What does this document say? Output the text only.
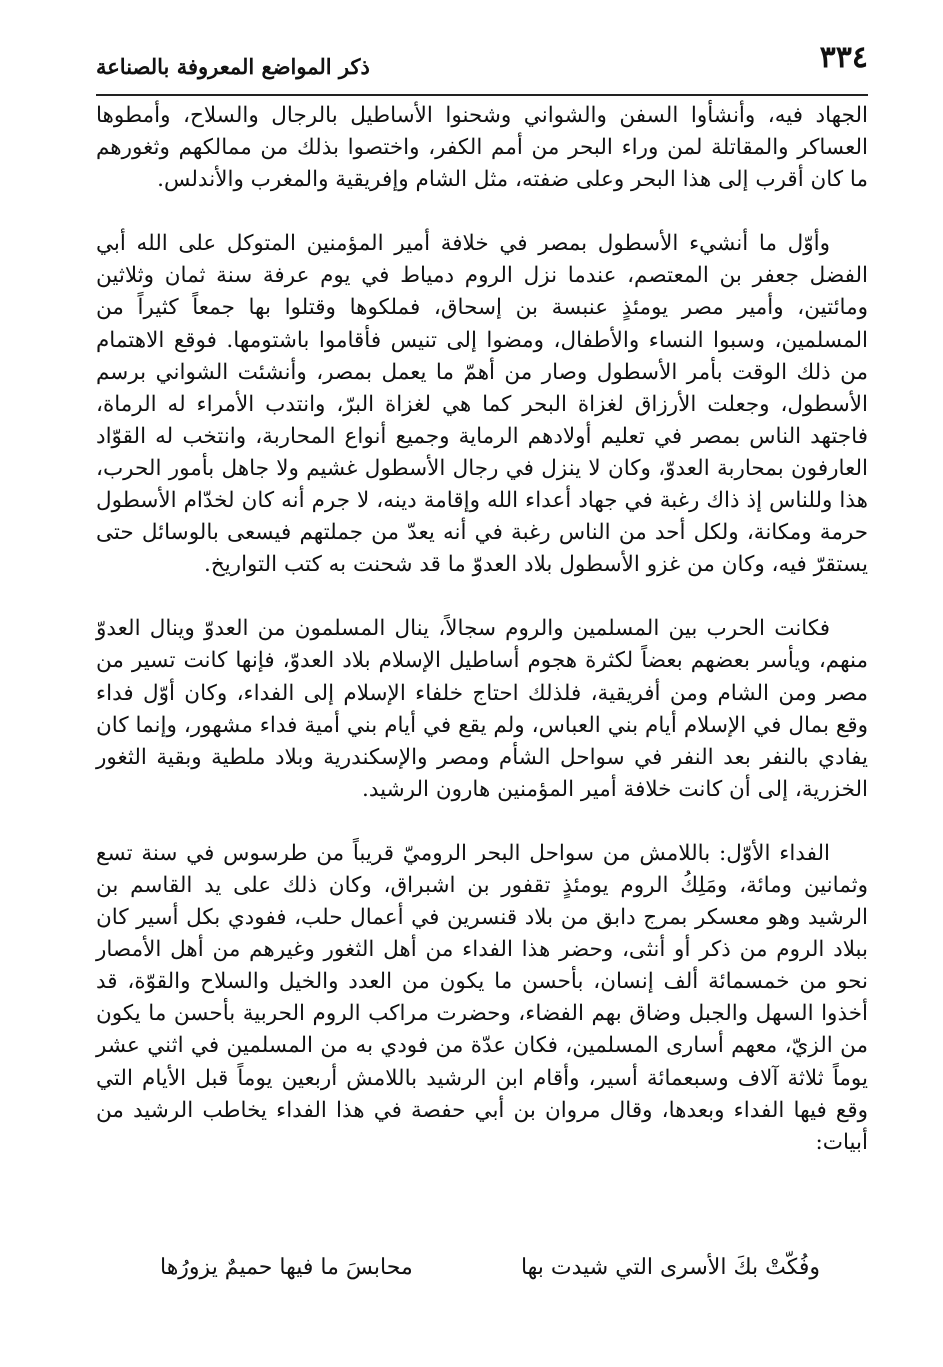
٣٣٤
ذكر المواضع المعروفة بالصناعة

الجهاد فيه، وأنشأوا السفن والشواني وشحنوا الأساطيل بالرجال والسلاح، وأمطوها العساكر والمقاتلة لمن وراء البحر من أمم الكفر، واختصوا بذلك من ممالكهم وثغورهم ما كان أقرب إلى هذا البحر وعلى ضفته، مثل الشام وإفريقية والمغرب والأندلس.

وأوّل ما أنشيء الأسطول بمصر في خلافة أمير المؤمنين المتوكل على الله أبي الفضل جعفر بن المعتصم، عندما نزل الروم دمياط في يوم عرفة سنة ثمان وثلاثين ومائتين، وأمير مصر يومئذٍ عنبسة بن إسحاق، فملكوها وقتلوا بها جمعاً كثيراً من المسلمين، وسبوا النساء والأطفال، ومضوا إلى تنيس فأقاموا باشتومها. فوقع الاهتمام من ذلك الوقت بأمر الأسطول وصار من أهمّ ما يعمل بمصر، وأنشئت الشواني برسم الأسطول، وجعلت الأرزاق لغزاة البحر كما هي لغزاة البرّ، وانتدب الأمراء له الرماة، فاجتهد الناس بمصر في تعليم أولادهم الرماية وجميع أنواع المحاربة، وانتخب له القوّاد العارفون بمحاربة العدوّ، وكان لا ينزل في رجال الأسطول غشيم ولا جاهل بأمور الحرب، هذا وللناس إذ ذاك رغبة في جهاد أعداء الله وإقامة دينه، لا جرم أنه كان لخدّام الأسطول حرمة ومكانة، ولكل أحد من الناس رغبة في أنه يعدّ من جملتهم فيسعى بالوسائل حتى يستقرّ فيه، وكان من غزو الأسطول بلاد العدوّ ما قد شحنت به كتب التواريخ.

فكانت الحرب بين المسلمين والروم سجالاً، ينال المسلمون من العدوّ وينال العدوّ منهم، ويأسر بعضهم بعضاً لكثرة هجوم أساطيل الإسلام بلاد العدوّ، فإنها كانت تسير من مصر ومن الشام ومن أفريقية، فلذلك احتاج خلفاء الإسلام إلى الفداء، وكان أوّل فداء وقع بمال في الإسلام أيام بني العباس، ولم يقع في أيام بني أمية فداء مشهور، وإنما كان يفادي بالنفر بعد النفر في سواحل الشأم ومصر والإسكندرية وبلاد ملطية وبقية الثغور الخزرية، إلى أن كانت خلافة أمير المؤمنين هارون الرشيد.

الفداء الأوّل: باللامش من سواحل البحر الروميّ قريباً من طرسوس في سنة تسع وثمانين ومائة، ومَلِكُ الروم يومئذٍ تقفور بن اشبراق، وكان ذلك على يد القاسم بن الرشيد وهو معسكر بمرج دابق من بلاد قنسرين في أعمال حلب، ففودي بكل أسير كان ببلاد الروم من ذكر أو أنثى، وحضر هذا الفداء من أهل الثغور وغيرهم من أهل الأمصار نحو من خمسمائة ألف إنسان، بأحسن ما يكون من العدد والخيل والسلاح والقوّة، قد أخذوا السهل والجبل وضاق بهم الفضاء، وحضرت مراكب الروم الحربية بأحسن ما يكون من الزيّ، معهم أسارى المسلمين، فكان عدّة من فودي به من المسلمين في اثني عشر يوماً ثلاثة آلاف وسبعمائة أسير، وأقام ابن الرشيد باللامش أربعين يوماً قبل الأيام التي وقع فيها الفداء وبعدها، وقال مروان بن أبي حفصة في هذا الفداء يخاطب الرشيد من أبيات:

وفُكّتْ بكَ الأسرى التي شيدت بها
محابسَ ما فيها حميمٌ يزورُها
